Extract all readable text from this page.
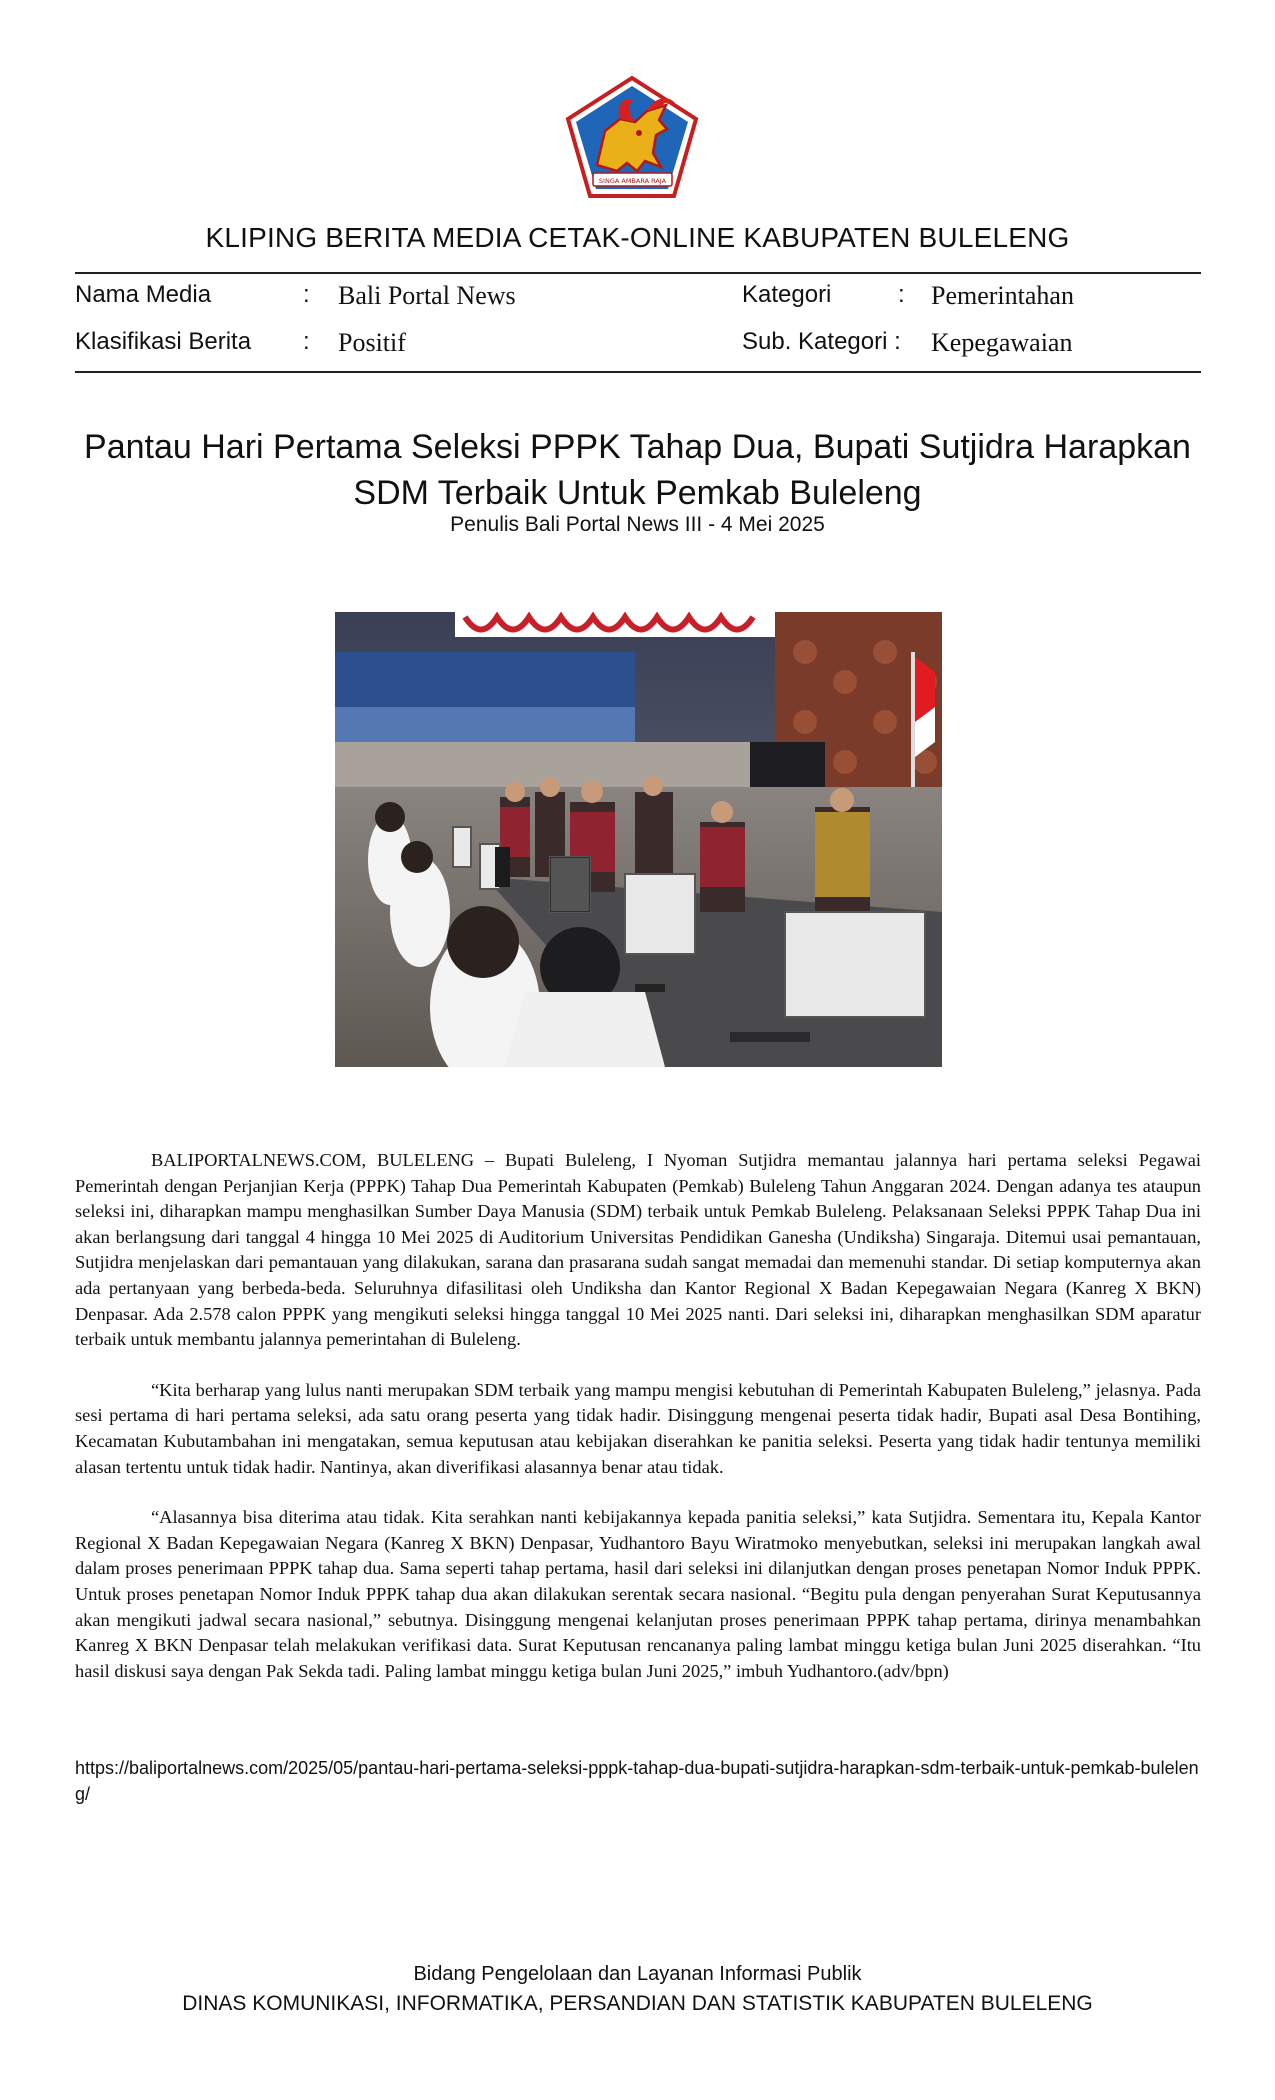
SINGA AMBARA RAJA
KLIPING BERITA MEDIA CETAK-ONLINE KABUPATEN BULELENG
Nama Media	: Bali Portal News
Klasifikasi Berita : Positif
Kategori	: Pemerintahan
Sub. Kategori : Kepegawaian
Pantau Hari Pertama Seleksi PPPK Tahap Dua, Bupati Sutjidra Harapkan
SDM Terbaik Untuk Pemkab Buleleng
Penulis Bali Portal News III - 4 Mei 2025

BALIPORTALNEWS.COM, BULELENG – Bupati Buleleng, I Nyoman Sutjidra memantau jalannya hari pertama seleksi Pegawai Pemerintah dengan Perjanjian Kerja (PPPK) Tahap Dua Pemerintah Kabupaten (Pemkab) Buleleng Tahun Anggaran 2024. Dengan adanya tes ataupun seleksi ini, diharapkan mampu menghasilkan Sumber Daya Manusia (SDM) terbaik untuk Pemkab Buleleng. Pelaksanaan Seleksi PPPK Tahap Dua ini akan berlangsung dari tanggal 4 hingga 10 Mei 2025 di Auditorium Universitas Pendidikan Ganesha (Undiksha) Singaraja. Ditemui usai pemantauan, Sutjidra menjelaskan dari pemantauan yang dilakukan, sarana dan prasarana sudah sangat memadai dan memenuhi standar. Di setiap komputernya akan ada pertanyaan yang berbeda-beda. Seluruhnya difasilitasi oleh Undiksha dan Kantor Regional X Badan Kepegawaian Negara (Kanreg X BKN) Denpasar. Ada 2.578 calon PPPK yang mengikuti seleksi hingga tanggal 10 Mei 2025 nanti. Dari seleksi ini, diharapkan menghasilkan SDM aparatur terbaik untuk membantu jalannya pemerintahan di Buleleng.

“Kita berharap yang lulus nanti merupakan SDM terbaik yang mampu mengisi kebutuhan di Pemerintah Kabupaten Buleleng,” jelasnya. Pada sesi pertama di hari pertama seleksi, ada satu orang peserta yang tidak hadir. Disinggung mengenai peserta tidak hadir, Bupati asal Desa Bontihing, Kecamatan Kubutambahan ini mengatakan, semua keputusan atau kebijakan diserahkan ke panitia seleksi. Peserta yang tidak hadir tentunya memiliki alasan tertentu untuk tidak hadir. Nantinya, akan diverifikasi alasannya benar atau tidak.

“Alasannya bisa diterima atau tidak. Kita serahkan nanti kebijakannya kepada panitia seleksi,” kata Sutjidra. Sementara itu, Kepala Kantor Regional X Badan Kepegawaian Negara (Kanreg X BKN) Denpasar, Yudhantoro Bayu Wiratmoko menyebutkan, seleksi ini merupakan langkah awal dalam proses penerimaan PPPK tahap dua. Sama seperti tahap pertama, hasil dari seleksi ini dilanjutkan dengan proses penetapan Nomor Induk PPPK. Untuk proses penetapan Nomor Induk PPPK tahap dua akan dilakukan serentak secara nasional. “Begitu pula dengan penyerahan Surat Keputusannya akan mengikuti jadwal secara nasional,” sebutnya. Disinggung mengenai kelanjutan proses penerimaan PPPK tahap pertama, dirinya menambahkan Kanreg X BKN Denpasar telah melakukan verifikasi data. Surat Keputusan rencananya paling lambat minggu ketiga bulan Juni 2025 diserahkan. “Itu hasil diskusi saya dengan Pak Sekda tadi. Paling lambat minggu ketiga bulan Juni 2025,” imbuh Yudhantoro.(adv/bpn)

https://baliportalnews.com/2025/05/pantau-hari-pertama-seleksi-pppk-tahap-dua-bupati-sutjidra-harapkan-sdm-terbaik-untuk-pemkab-buleleng/
Bidang Pengelolaan dan Layanan Informasi Publik
DINAS KOMUNIKASI, INFORMATIKA, PERSANDIAN DAN STATISTIK KABUPATEN BULELENG
